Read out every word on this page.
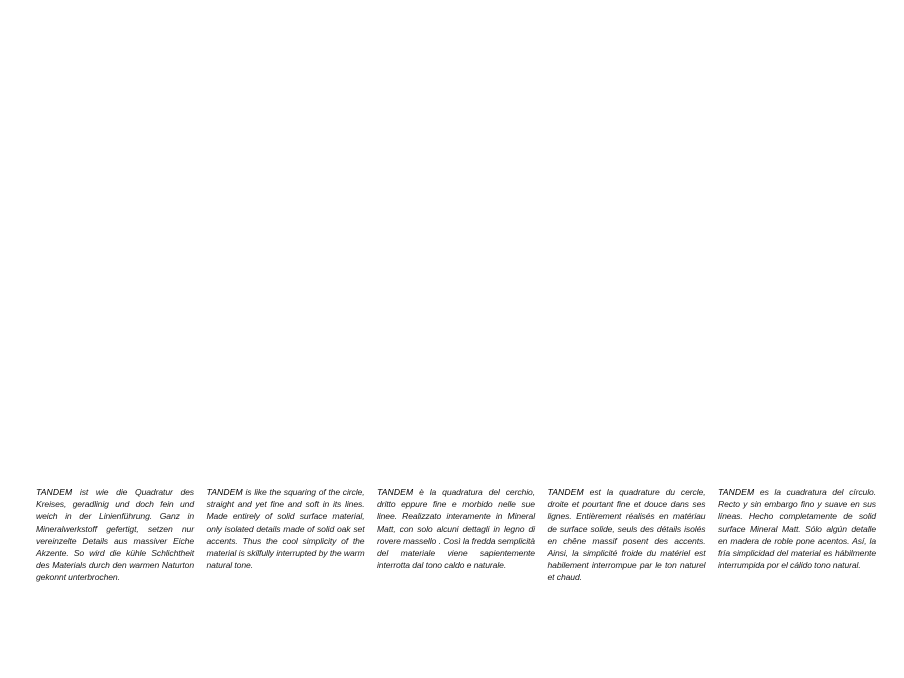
TANDEM ist wie die Quadratur des Kreises, geradlinig und doch fein und weich in der Linienführung. Ganz in Mineralwerkstoff gefertigt, setzen nur vereinzelte Details aus massiver Eiche Akzente. So wird die kühle Schlichtheit des Materials durch den warmen Naturton gekonnt unterbrochen.
TANDEM is like the squaring of the circle, straight and yet fine and soft in its lines. Made entirely of solid surface material, only isolated details made of solid oak set accents. Thus the cool simplicity of the material is skilfully interrupted by the warm natural tone.
TANDEM è la quadratura del cerchio, dritto eppure fine e morbido nelle sue linee. Realizzato interamente in Mineral Matt, con solo alcuni dettagli in legno di rovere massello . Così la fredda semplicità del materiale viene sapientemente interrotta dal tono caldo e naturale.
TANDEM est la quadrature du cercle, droite et pourtant fine et douce dans ses lignes. Entièrement réalisés en matériau de surface solide, seuls des détails isolés en chêne massif posent des accents. Ainsi, la simplicité froide du matériel est habilement interrompue par le ton naturel et chaud.
TANDEM es la cuadratura del círculo. Recto y sin embargo fino y suave en sus líneas. Hecho completamente de solid surface Mineral Matt. Sólo algún detalle en madera de roble pone acentos. Así, la fría simplicidad del material es hábilmente interrumpida por el cálido tono natural.
